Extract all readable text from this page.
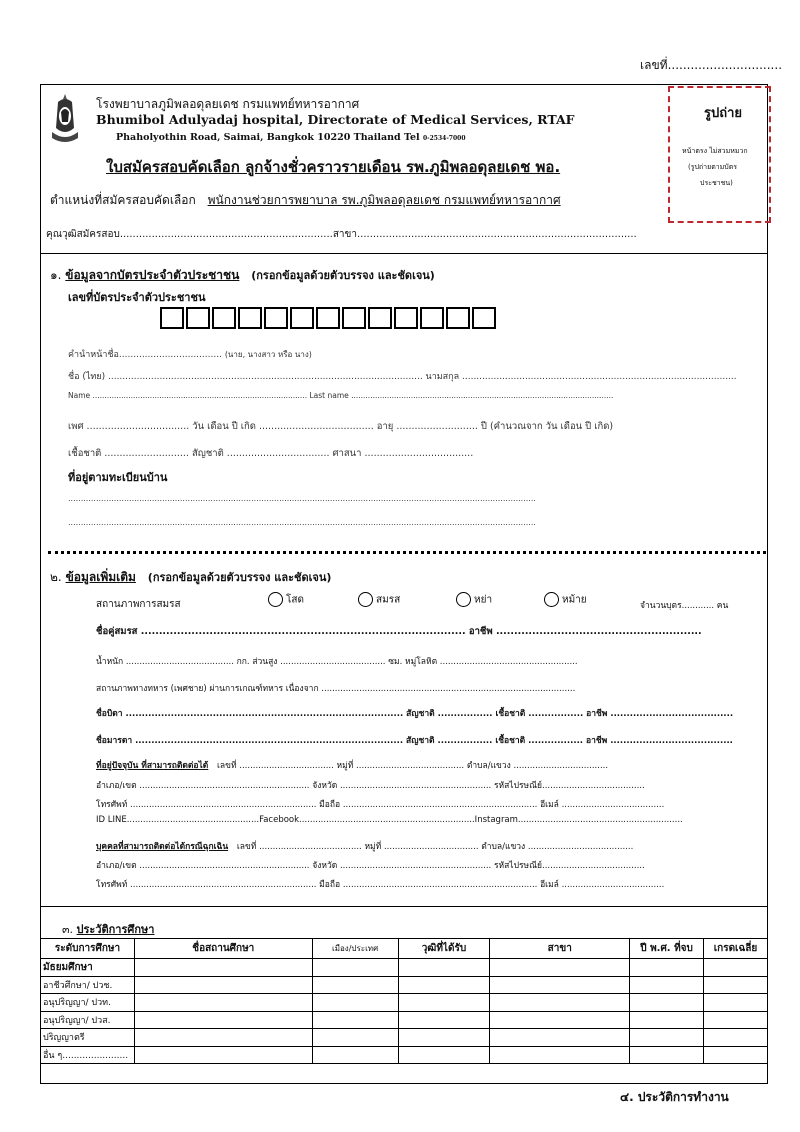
เลขที่..............................
โรงพยาบาลภูมิพลอดุลยเดช กรมแพทย์ทหารอากาศ
Bhumibol Adulyadaj hospital, Directorate of Medical Services, RTAF
Phaholyothin Road, Saimai, Bangkok 10220 Thailand Tel 0-2534-7000
ใบสมัครสอบคัดเลือก ลูกจ้างชั่วคราวรายเดือน รพ.ภูมิพลอดุลยเดช พอ.
ตำแหน่งที่สมัครสอบคัดเลือก พนักงานช่วยการพยาบาล รพ.ภูมิพลอดุลยเดช กรมแพทย์ทหารอากาศ
คุณวุฒิสมัครสอบ...................................................................สาขา........................................................................................
รูปถ่าย
หน้าตรง ไม่สวมหมวก
(รูปถ่ายตามบัตร
ประชาชน)
๑. ข้อมูลจากบัตรประจำตัวประชาชน (กรอกข้อมูลด้วยตัวบรรจง และชัดเจน)
เลขที่บัตรประจำตัวประชาชน
คำนำหน้าชื่อ.................................... (นาย, นางสาว หรือ นาง)
ชื่อ (ไทย) .............................................................................................................. นามสกุล ................................................................................................
Name .......................................................................................... Last name ..............................................................................................................
เพศ .................................. วัน เดือน ปี เกิด ...................................... อายุ ........................... ปี (คำนวณจาก วัน เดือน ปี เกิด)
เชื้อชาติ ............................ สัญชาติ .................................. ศาสนา ....................................
ที่อยู่ตามทะเบียนบ้าน
........................................................................................................................................................................................
........................................................................................................................................................................................
๒. ข้อมูลเพิ่มเติม (กรอกข้อมูลด้วยตัวบรรจง และชัดเจน)
สถานภาพการสมรส	โสด	สมรส	หย่า	หม้าย
จำนวนบุตร............ คน
ชื่อคู่สมรส .......................................................................................... อาชีพ .........................................................
น้ำหนัก ........................................ กก. ส่วนสูง ....................................... ซม. หมู่โลหิต ...................................................
สถานภาพทางทหาร (เพศชาย) ผ่านการเกณฑ์ทหาร เนื่องจาก ..............................................................................................
ชื่อบิดา ...................................................................................... สัญชาติ ................. เชื้อชาติ ................. อาชีพ ......................................
ชื่อมารดา ................................................................................... สัญชาติ ................. เชื้อชาติ ................. อาชีพ ......................................
ที่อยู่ปัจจุบัน ที่สามารถติดต่อได้ เลขที่ ................................... หมู่ที่ ........................................ ตำบล/แขวง ...................................
อำเภอ/เขต ............................................................... จังหวัด ........................................................ รหัสไปรษณีย์......................................
โทรศัพท์ ..................................................................... มือถือ ........................................................................ อีเมล์ ......................................
ID LINE.................................................Facebook.................................................................Instagram.............................................................
บุคคลที่สามารถติดต่อได้กรณีฉุกเฉิน เลขที่ ...................................... หมู่ที่ ................................... ตำบล/แขวง .......................................
อำเภอ/เขต ............................................................... จังหวัด ........................................................ รหัสไปรษณีย์......................................
โทรศัพท์ ..................................................................... มือถือ ........................................................................ อีเมล์ ......................................
๓. ประวัติการศึกษา
ระดับการศึกษา	ชื่อสถานศึกษา	เมือง/ประเทศ	วุฒิที่ได้รับ	สาขา	ปี พ.ศ. ที่จบ	เกรดเฉลี่ย
มัธยมศึกษา						
อาชีวศึกษา/ ปวช.						
อนุปริญญา/ ปวท.						
อนุปริญญา/ ปวส.						
ปริญญาตรี						
อื่น ๆ.......................						
๔. ประวัติการทำงาน
